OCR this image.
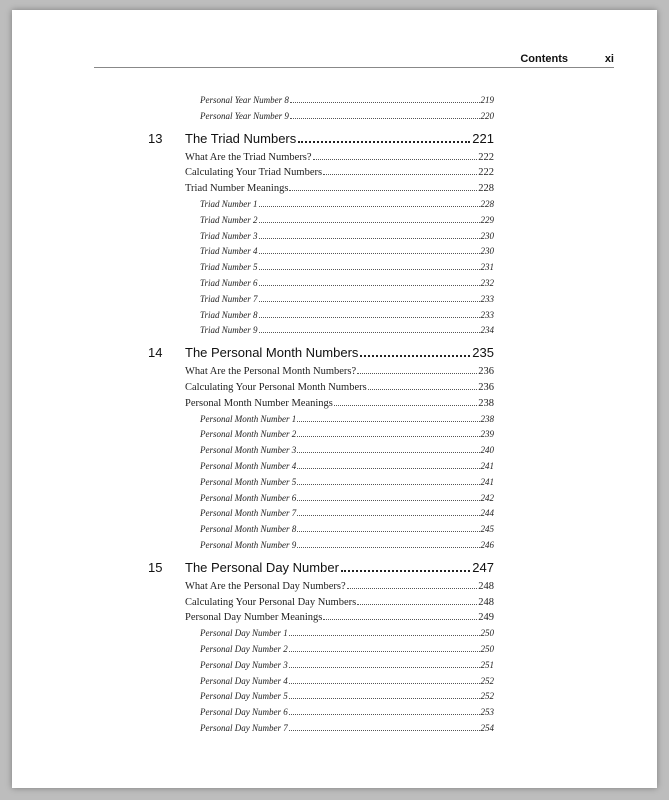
Contents	xi
Personal Year Number 8	219
Personal Year Number 9	220
13	The Triad Numbers	221
What Are the Triad Numbers?	222
Calculating Your Triad Numbers	222
Triad Number Meanings	228
Triad Number 1	228
Triad Number 2	229
Triad Number 3	230
Triad Number 4	230
Triad Number 5	231
Triad Number 6	232
Triad Number 7	233
Triad Number 8	233
Triad Number 9	234
14	The Personal Month Numbers	235
What Are the Personal Month Numbers?	236
Calculating Your Personal Month Numbers	236
Personal Month Number Meanings	238
Personal Month Number 1	238
Personal Month Number 2	239
Personal Month Number 3	240
Personal Month Number 4	241
Personal Month Number 5	241
Personal Month Number 6	242
Personal Month Number 7	244
Personal Month Number 8	245
Personal Month Number 9	246
15	The Personal Day Number	247
What Are the Personal Day Numbers?	248
Calculating Your Personal Day Numbers	248
Personal Day Number Meanings	249
Personal Day Number 1	250
Personal Day Number 2	250
Personal Day Number 3	251
Personal Day Number 4	252
Personal Day Number 5	252
Personal Day Number 6	253
Personal Day Number 7	254
